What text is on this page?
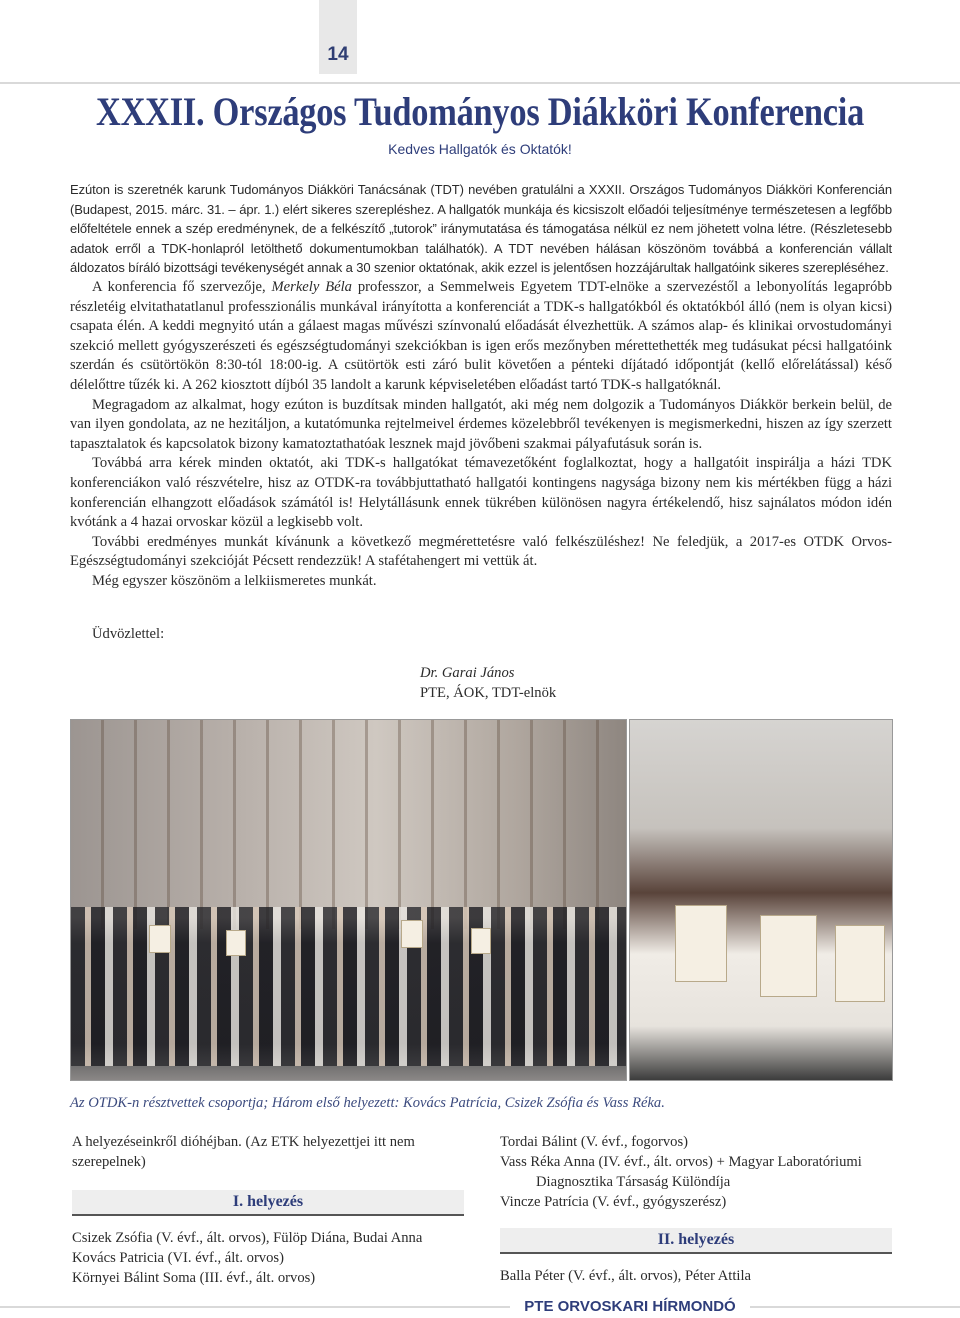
14
XXXII. Országos Tudományos Diákköri Konferencia
Kedves Hallgatók és Oktatók!

Ezúton is szeretnék karunk Tudományos Diákköri Tanácsának (TDT) nevében gratulálni a XXXII. Országos Tudományos Diákköri Konferencián (Budapest, 2015. márc. 31. – ápr. 1.) elért sikeres szerepléshez. A hallgatók munkája és kicsiszolt előadói teljesítménye természetesen a legfőbb előfeltétele ennek a szép eredménynek, de a felkészítő „tutorok” iránymutatása és támogatása nélkül ez nem jöhetett volna létre. (Részletesebb adatok erről a TDK-honlapról letölthető dokumentumokban találhatók). A TDT nevében hálásan köszönöm továbbá a konferencián vállalt áldozatos bíráló bizottsági tevékenységét annak a 30 szenior oktatónak, akik ezzel is jelentősen hozzájárultak hallgatóink sikeres szerepléséhez.

A konferencia fő szervezője, Merkely Béla professzor, a Semmelweis Egyetem TDT-elnöke a szervezéstől a lebonyolítás legapróbb részletéig elvitathatatlanul professzionális munkával irányította a konferenciát a TDK-s hallgatókból és oktatókból álló (nem is olyan kicsi) csapata élén. A keddi megnyitó után a gálaest magas művészi színvonalú előadását élvezhettük. A számos alap- és klinikai orvostudományi szekció mellett gyógyszerészeti és egészségtudományi szekciókban is igen erős mezőnyben mérettethették meg tudásukat pécsi hallgatóink szerdán és csütörtökön 8:30-tól 18:00-ig. A csütörtök esti záró bulit követően a pénteki díjátadó időpontját (kellő előrelátással) késő délelőttre tűzék ki. A 262 kiosztott díjból 35 landolt a karunk képviseletében előadást tartó TDK-s hallgatóknál.

Megragadom az alkalmat, hogy ezúton is buzdítsak minden hallgatót, aki még nem dolgozik a Tudományos Diákkör berkein belül, de van ilyen gondolata, az ne hezitáljon, a kutatómunka rejtelmeivel érdemes közelebbről tevékenyen is megismerkedni, hiszen az így szerzett tapasztalatok és kapcsolatok bizony kamatoztathatóak lesznek majd jövőbeni szakmai pályafutásuk során is.

Továbbá arra kérek minden oktatót, aki TDK-s hallgatókat témavezetőként foglalkoztat, hogy a hallgatóit inspirálja a házi TDK konferenciákon való részvételre, hisz az OTDK-ra továbbjuttatható hallgatói kontingens nagysága bizony nem kis mértékben függ a házi konferencián elhangzott előadások számától is! Helytállásunk ennek tükrében különösen nagyra értékelendő, hisz sajnálatos módon idén kvótánk a 4 hazai orvoskar közül a legkisebb volt.

További eredményes munkát kívánunk a következő megmérettetésre való felkészüléshez! Ne feledjük, a 2017-es OTDK Orvos-Egészségtudományi szekcióját Pécsett rendezzük! A stafétahengert mi vettük át.

Még egyszer köszönöm a lelkiismeretes munkát.

Üdvözlettel:
Dr. Garai János
PTE, ÁOK, TDT-elnök
Az OTDK-n résztvettek csoportja; Három első helyezett: Kovács Patrícia, Csizek Zsófia és Vass Réka.

A helyezéseinkről dióhéjban. (Az ETK helyezettjei itt nem szerepelnek)

I. helyezés

Csizek Zsófia (V. évf., ált. orvos), Fülöp Diána, Budai Anna

Kovács Patricia (VI. évf., ált. orvos)

Környei Bálint Soma (III. évf., ált. orvos)

Tordai Bálint (V. évf., fogorvos)

Vass Réka Anna (IV. évf., ált. orvos) + Magyar Laboratóriumi

Diagnosztika Társaság Különdíja

Vincze Patrícia (V. évf., gyógyszerész)

II. helyezés

Balla Péter (V. évf., ált. orvos), Péter Attila

PTE ORVOSKARI HÍRMONDÓ
